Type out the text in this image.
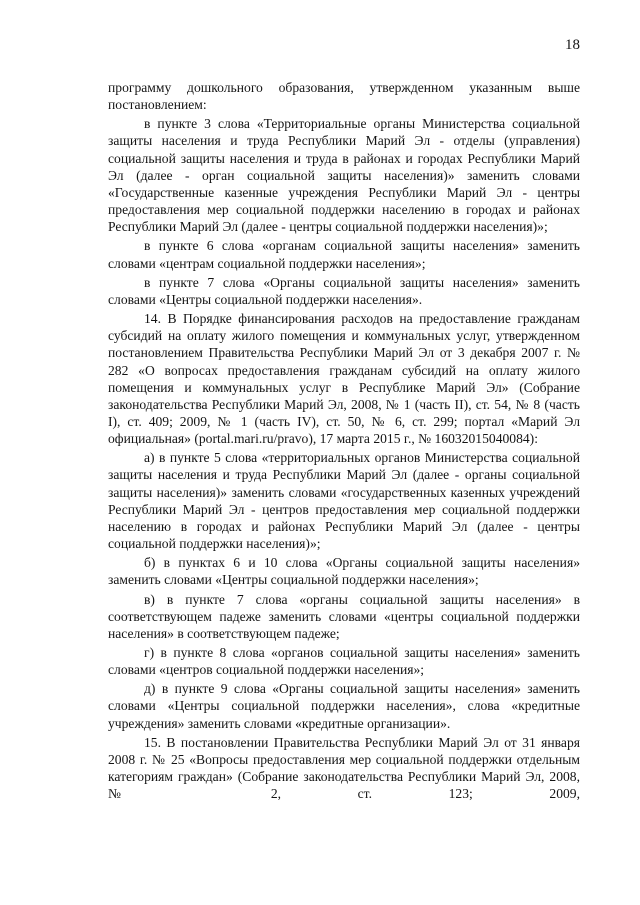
18

программу дошкольного образования, утвержденном указанным выше постановлением:

в пункте 3 слова «Территориальные органы Министерства социальной защиты населения и труда Республики Марий Эл - отделы (управления) социальной защиты населения и труда в районах и городах Республики Марий Эл (далее - орган социальной защиты населения)» заменить словами «Государственные казенные учреждения Республики Марий Эл - центры предоставления мер социальной поддержки населению в городах и районах Республики Марий Эл (далее - центры социальной поддержки населения)»;

в пункте 6 слова «органам социальной защиты населения» заменить словами «центрам социальной поддержки населения»;

в пункте 7 слова «Органы социальной защиты населения» заменить словами «Центры социальной поддержки населения».

14. В Порядке финансирования расходов на предоставление гражданам субсидий на оплату жилого помещения и коммунальных услуг, утвержденном постановлением Правительства Республики Марий Эл от 3 декабря 2007 г. № 282 «О вопросах предоставления гражданам субсидий на оплату жилого помещения и коммунальных услуг в Республике Марий Эл» (Собрание законодательства Республики Марий Эл, 2008, № 1 (часть II), ст. 54, № 8 (часть I), ст. 409; 2009, № 1 (часть IV), ст. 50, № 6, ст. 299; портал «Марий Эл официальная» (portal.mari.ru/pravo), 17 марта 2015 г., № 16032015040084):

а) в пункте 5 слова «территориальных органов Министерства социальной защиты населения и труда Республики Марий Эл (далее - органы социальной защиты населения)» заменить словами «государственных казенных учреждений Республики Марий Эл - центров предоставления мер социальной поддержки населению в городах и районах Республики Марий Эл (далее - центры социальной поддержки населения)»;

б) в пунктах 6 и 10 слова «Органы социальной защиты населения» заменить словами «Центры социальной поддержки населения»;

в) в пункте 7 слова «органы социальной защиты населения» в соответствующем падеже заменить словами «центры социальной поддержки населения» в соответствующем падеже;

г) в пункте 8 слова «органов социальной защиты населения» заменить словами «центров социальной поддержки населения»;

д) в пункте 9 слова «Органы социальной защиты населения» заменить словами «Центры социальной поддержки населения», слова «кредитные учреждения» заменить словами «кредитные организации».

15. В постановлении Правительства Республики Марий Эл от 31 января 2008 г. № 25 «Вопросы предоставления мер социальной поддержки отдельным категориям граждан» (Собрание законодательства Республики Марий Эл, 2008, № 2, ст. 123; 2009,
